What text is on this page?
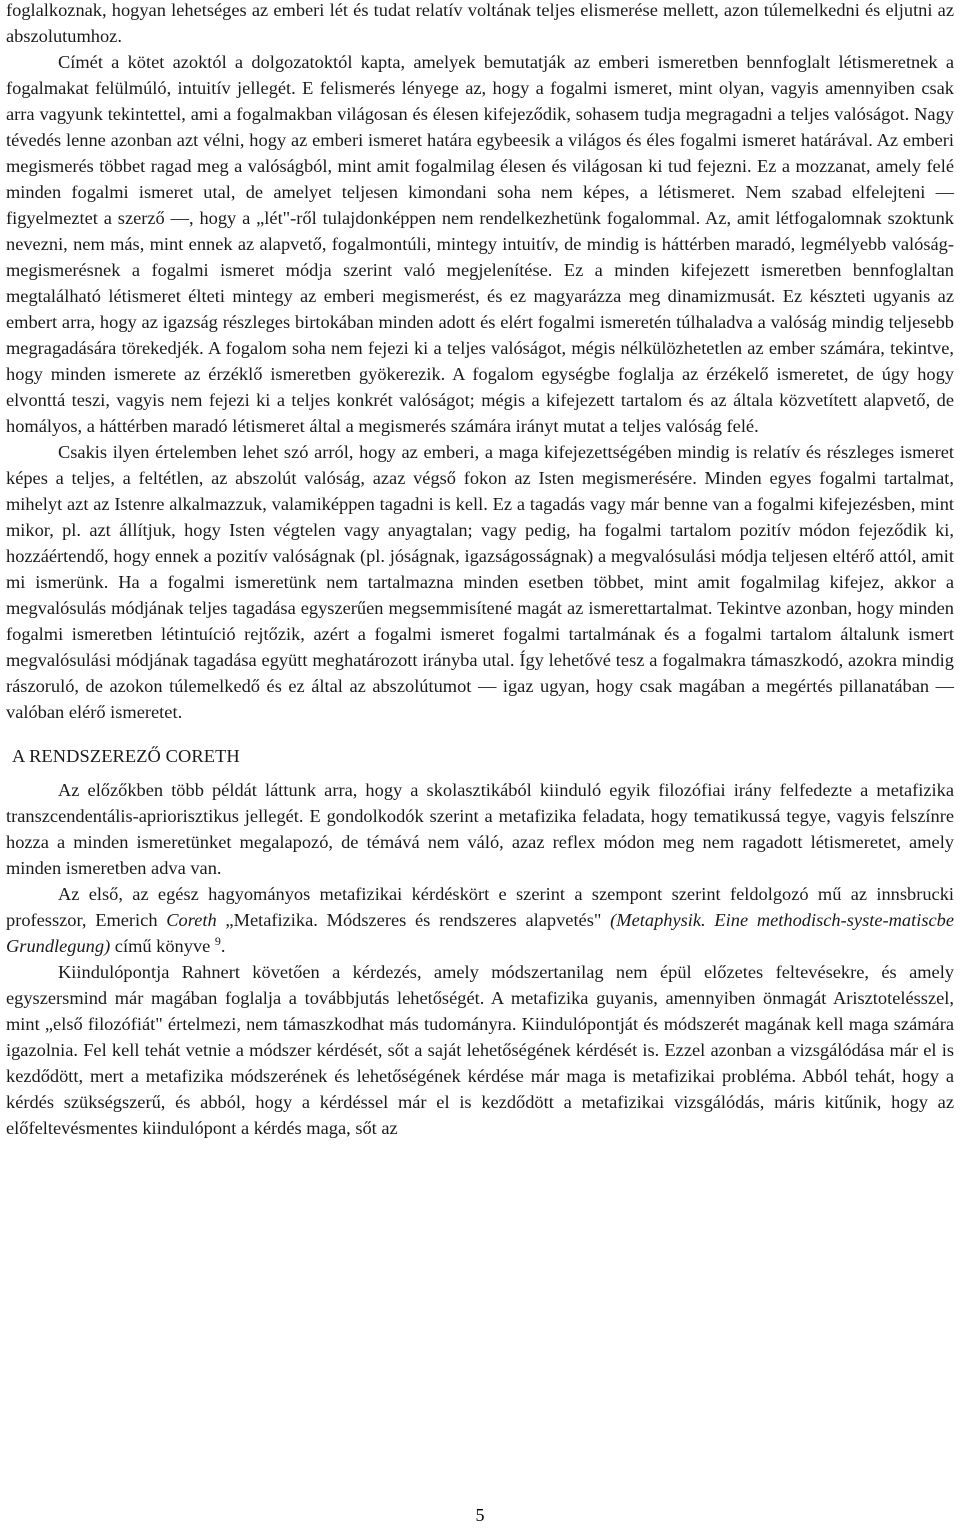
foglalkoznak, hogyan lehetséges az emberi lét és tudat relatív voltának teljes elismerése mellett, azon túlemelkedni és eljutni az abszolutumhoz.

Címét a kötet azoktól a dolgozatoktól kapta, amelyek bemutatják az emberi ismeretben bennfoglalt létismeretnek a fogalmakat felülmúló, intuitív jellegét. E felismerés lényege az, hogy a fogalmi ismeret, mint olyan, vagyis amennyiben csak arra vagyunk tekintettel, ami a fogalmakban világosan és élesen kifejeződik, sohasem tudja megragadni a teljes valóságot. Nagy tévedés lenne azonban azt vélni, hogy az emberi ismeret határa egybeesik a világos és éles fogalmi ismeret határával. Az emberi megismerés többet ragad meg a valóságból, mint amit fogalmilag élesen és világosan ki tud fejezni. Ez a mozzanat, amely felé minden fogalmi ismeret utal, de amelyet teljesen kimondani soha nem képes, a létismeret. Nem szabad elfelejteni — figyelmeztet a szerző —, hogy a „lét"-ről tulajdonképpen nem rendelkezhetünk fogalommal. Az, amit létfogalomnak szoktunk nevezni, nem más, mint ennek az alapvető, fogalmontúli, mintegy intuitív, de mindig is háttérben maradó, legmélyebb valóság-megismerésnek a fogalmi ismeret módja szerint való megjelenítése. Ez a minden kifejezett ismeretben bennfoglaltan megtalálható létismeret élteti mintegy az emberi megismerést, és ez magyarázza meg dinamizmusát. Ez készteti ugyanis az embert arra, hogy az igazság részleges birtokában minden adott és elért fogalmi ismeretén túlhaladva a valóság mindig teljesebb megragadására törekedjék. A fogalom soha nem fejezi ki a teljes valóságot, mégis nélkülözhetetlen az ember számára, tekintve, hogy minden ismerete az érzéklő ismeretben gyökerezik. A fogalom egységbe foglalja az érzékelő ismeretet, de úgy hogy elvonttá teszi, vagyis nem fejezi ki a teljes konkrét valóságot; mégis a kifejezett tartalom és az általa közvetített alapvető, de homályos, a háttérben maradó létismeret által a megismerés számára irányt mutat a teljes valóság felé.

Csakis ilyen értelemben lehet szó arról, hogy az emberi, a maga kifejezettségében mindig is relatív és részleges ismeret képes a teljes, a feltétlen, az abszolút valóság, azaz végső fokon az Isten megismerésére. Minden egyes fogalmi tartalmat, mihelyt azt az Istenre alkalmazzuk, valamiképpen tagadni is kell. Ez a tagadás vagy már benne van a fogalmi kifejezésben, mint mikor, pl. azt állítjuk, hogy Isten végtelen vagy anyagtalan; vagy pedig, ha fogalmi tartalom pozitív módon fejeződik ki, hozzáértendő, hogy ennek a pozitív valóságnak (pl. jóságnak, igazságosságnak) a megvalósulási módja teljesen eltérő attól, amit mi ismerünk. Ha a fogalmi ismeretünk nem tartalmazna minden esetben többet, mint amit fogalmilag kifejez, akkor a megvalósulás módjának teljes tagadása egyszerűen megsemmisítené magát az ismerettartalmat. Tekintve azonban, hogy minden fogalmi ismeretben létintuíció rejtőzik, azért a fogalmi ismeret fogalmi tartalmának és a fogalmi tartalom általunk ismert megvalósulási módjának tagadása együtt meghatározott irányba utal. Így lehetővé tesz a fogalmakra támaszkodó, azokra mindig rászoruló, de azokon túlemelkedő és ez által az abszolútumot — igaz ugyan, hogy csak magában a megértés pillanatában — valóban elérő ismeretet.

A RENDSZEREZŐ CORETH

Az előzőkben több példát láttunk arra, hogy a skolasztikából kiinduló egyik filozófiai irány felfedezte a metafizika transzcendentális-apriorisztikus jellegét. E gondolkodók szerint a metafizika feladata, hogy tematikussá tegye, vagyis felszínre hozza a minden ismeretünket megalapozó, de témává nem váló, azaz reflex módon meg nem ragadott létismeretet, amely minden ismeretben adva van.

Az első, az egész hagyományos metafizikai kérdéskört e szerint a szempont szerint feldolgozó mű az innsbrucki professzor, Emerich Coreth „Metafizika. Módszeres és rendszeres alapvetés" (Metaphysik. Eine methodisch-syste-matiscbe Grundlegung) című könyve $^9$.

Kiindulópontja Rahnert követően a kérdezés, amely módszertanilag nem épül előzetes feltevésekre, és amely egyszersmind már magában foglalja a továbbjutás lehetőségét. A metafizika guyanis, amennyiben önmagát Arisztotelésszel, mint „első filozófiát" értelmezi, nem támaszkodhat más tudományra. Kiindulópontját és módszerét magának kell maga számára igazolnia. Fel kell tehát vetnie a módszer kérdését, sőt a saját lehetőségének kérdését is. Ezzel azonban a vizsgálódása már el is kezdődött, mert a metafizika módszerének és lehetőségének kérdése már maga is metafizikai probléma. Abból tehát, hogy a kérdés szükségszerű, és abból, hogy a kérdéssel már el is kezdődött a metafizikai vizsgálódás, máris kitűnik, hogy az előfeltevésmentes kiindulópont a kérdés maga, sőt az

5
